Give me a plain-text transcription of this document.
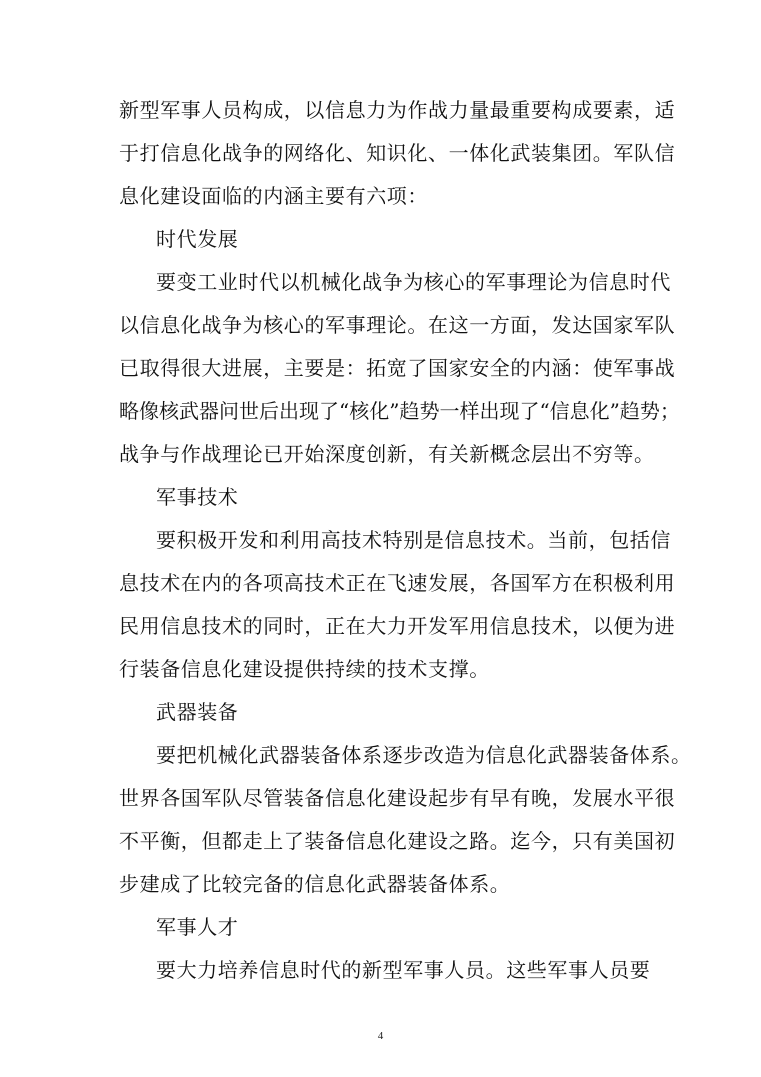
新型军事人员构成，以信息力为作战力量最重要构成要素，适
于打信息化战争的网络化、知识化、一体化武装集团。军队信
息化建设面临的内涵主要有六项：
时代发展
要变工业时代以机械化战争为核心的军事理论为信息时代
以信息化战争为核心的军事理论。在这一方面，发达国家军队
已取得很大进展，主要是：拓宽了国家安全的内涵：使军事战
略像核武器问世后出现了“核化”趋势一样出现了“信息化”趋势；
战争与作战理论已开始深度创新，有关新概念层出不穷等。
军事技术
要积极开发和利用高技术特别是信息技术。当前，包括信
息技术在内的各项高技术正在飞速发展，各国军方在积极利用
民用信息技术的同时，正在大力开发军用信息技术，以便为进
行装备信息化建设提供持续的技术支撑。
武器装备
要把机械化武器装备体系逐步改造为信息化武器装备体系。
世界各国军队尽管装备信息化建设起步有早有晚，发展水平很
不平衡，但都走上了装备信息化建设之路。迄今，只有美国初
步建成了比较完备的信息化武器装备体系。
军事人才
要大力培养信息时代的新型军事人员。这些军事人员要
4
